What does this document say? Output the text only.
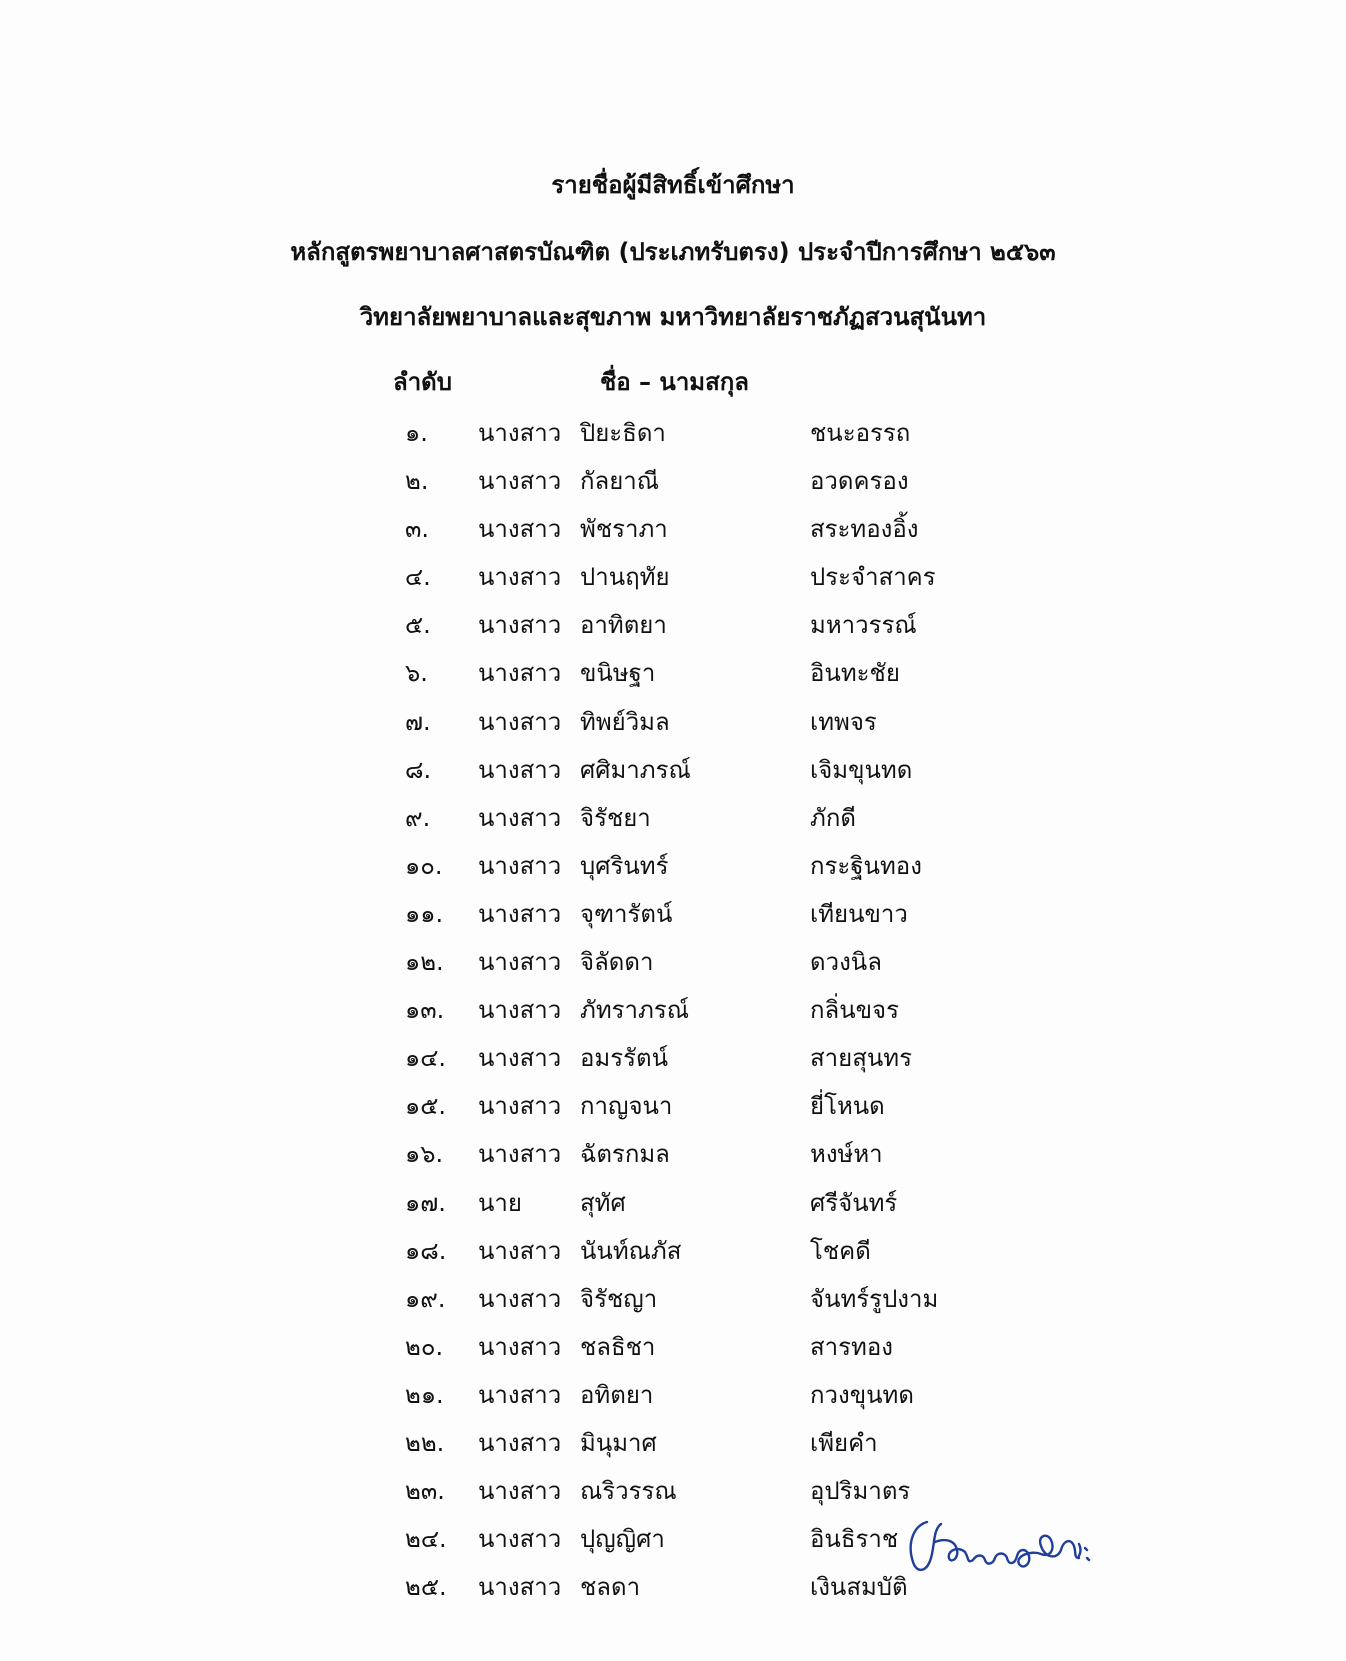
รายชื่อผู้มีสิทธิ์เข้าศึกษา
หลักสูตรพยาบาลศาสตรบัณฑิต (ประเภทรับตรง) ประจำปีการศึกษา ๒๕๖๓
วิทยาลัยพยาบาลและสุขภาพ มหาวิทยาลัยราชภัฏสวนสุนันทา
ลำดับ	ชื่อ – นามสกุล
๑. นางสาว ปิยะธิดา	ชนะอรรถ
๒. นางสาว กัลยาณี	อวดครอง
๓. นางสาว พัชราภา	สระทองอิ้ง
๔. นางสาว ปานฤทัย	ประจำสาคร
๕. นางสาว อาทิตยา	มหาวรรณ์
๖. นางสาว ขนิษฐา	อินทะชัย
๗. นางสาว ทิพย์วิมล	เทพจร
๘. นางสาว ศศิมาภรณ์	เจิมขุนทด
๙. นางสาว จิรัชยา	ภักดี
๑๐. นางสาว บุศรินทร์	กระฐินทอง
๑๑. นางสาว จุฑารัตน์	เทียนขาว
๑๒. นางสาว จิลัดดา	ดวงนิล
๑๓. นางสาว ภัทราภรณ์	กลิ่นขจร
๑๔. นางสาว อมรรัตน์	สายสุนทร
๑๕. นางสาว กาญจนา	ยี่โหนด
๑๖. นางสาว ฉัตรกมล	หงษ์หา
๑๗. นาย สุทัศ	ศรีจันทร์
๑๘. นางสาว นันท์ณภัส	โชคดี
๑๙. นางสาว จิรัชญา	จันทร์รูปงาม
๒๐. นางสาว ชลธิชา	สารทอง
๒๑. นางสาว อทิตยา	กวงขุนทด
๒๒. นางสาว มินุมาศ	เพียคำ
๒๓. นางสาว ณริวรรณ	อุปริมาตร
๒๔. นางสาว ปุญญิศา	อินธิราช
๒๕. นางสาว ชลดา	เงินสมบัติ
